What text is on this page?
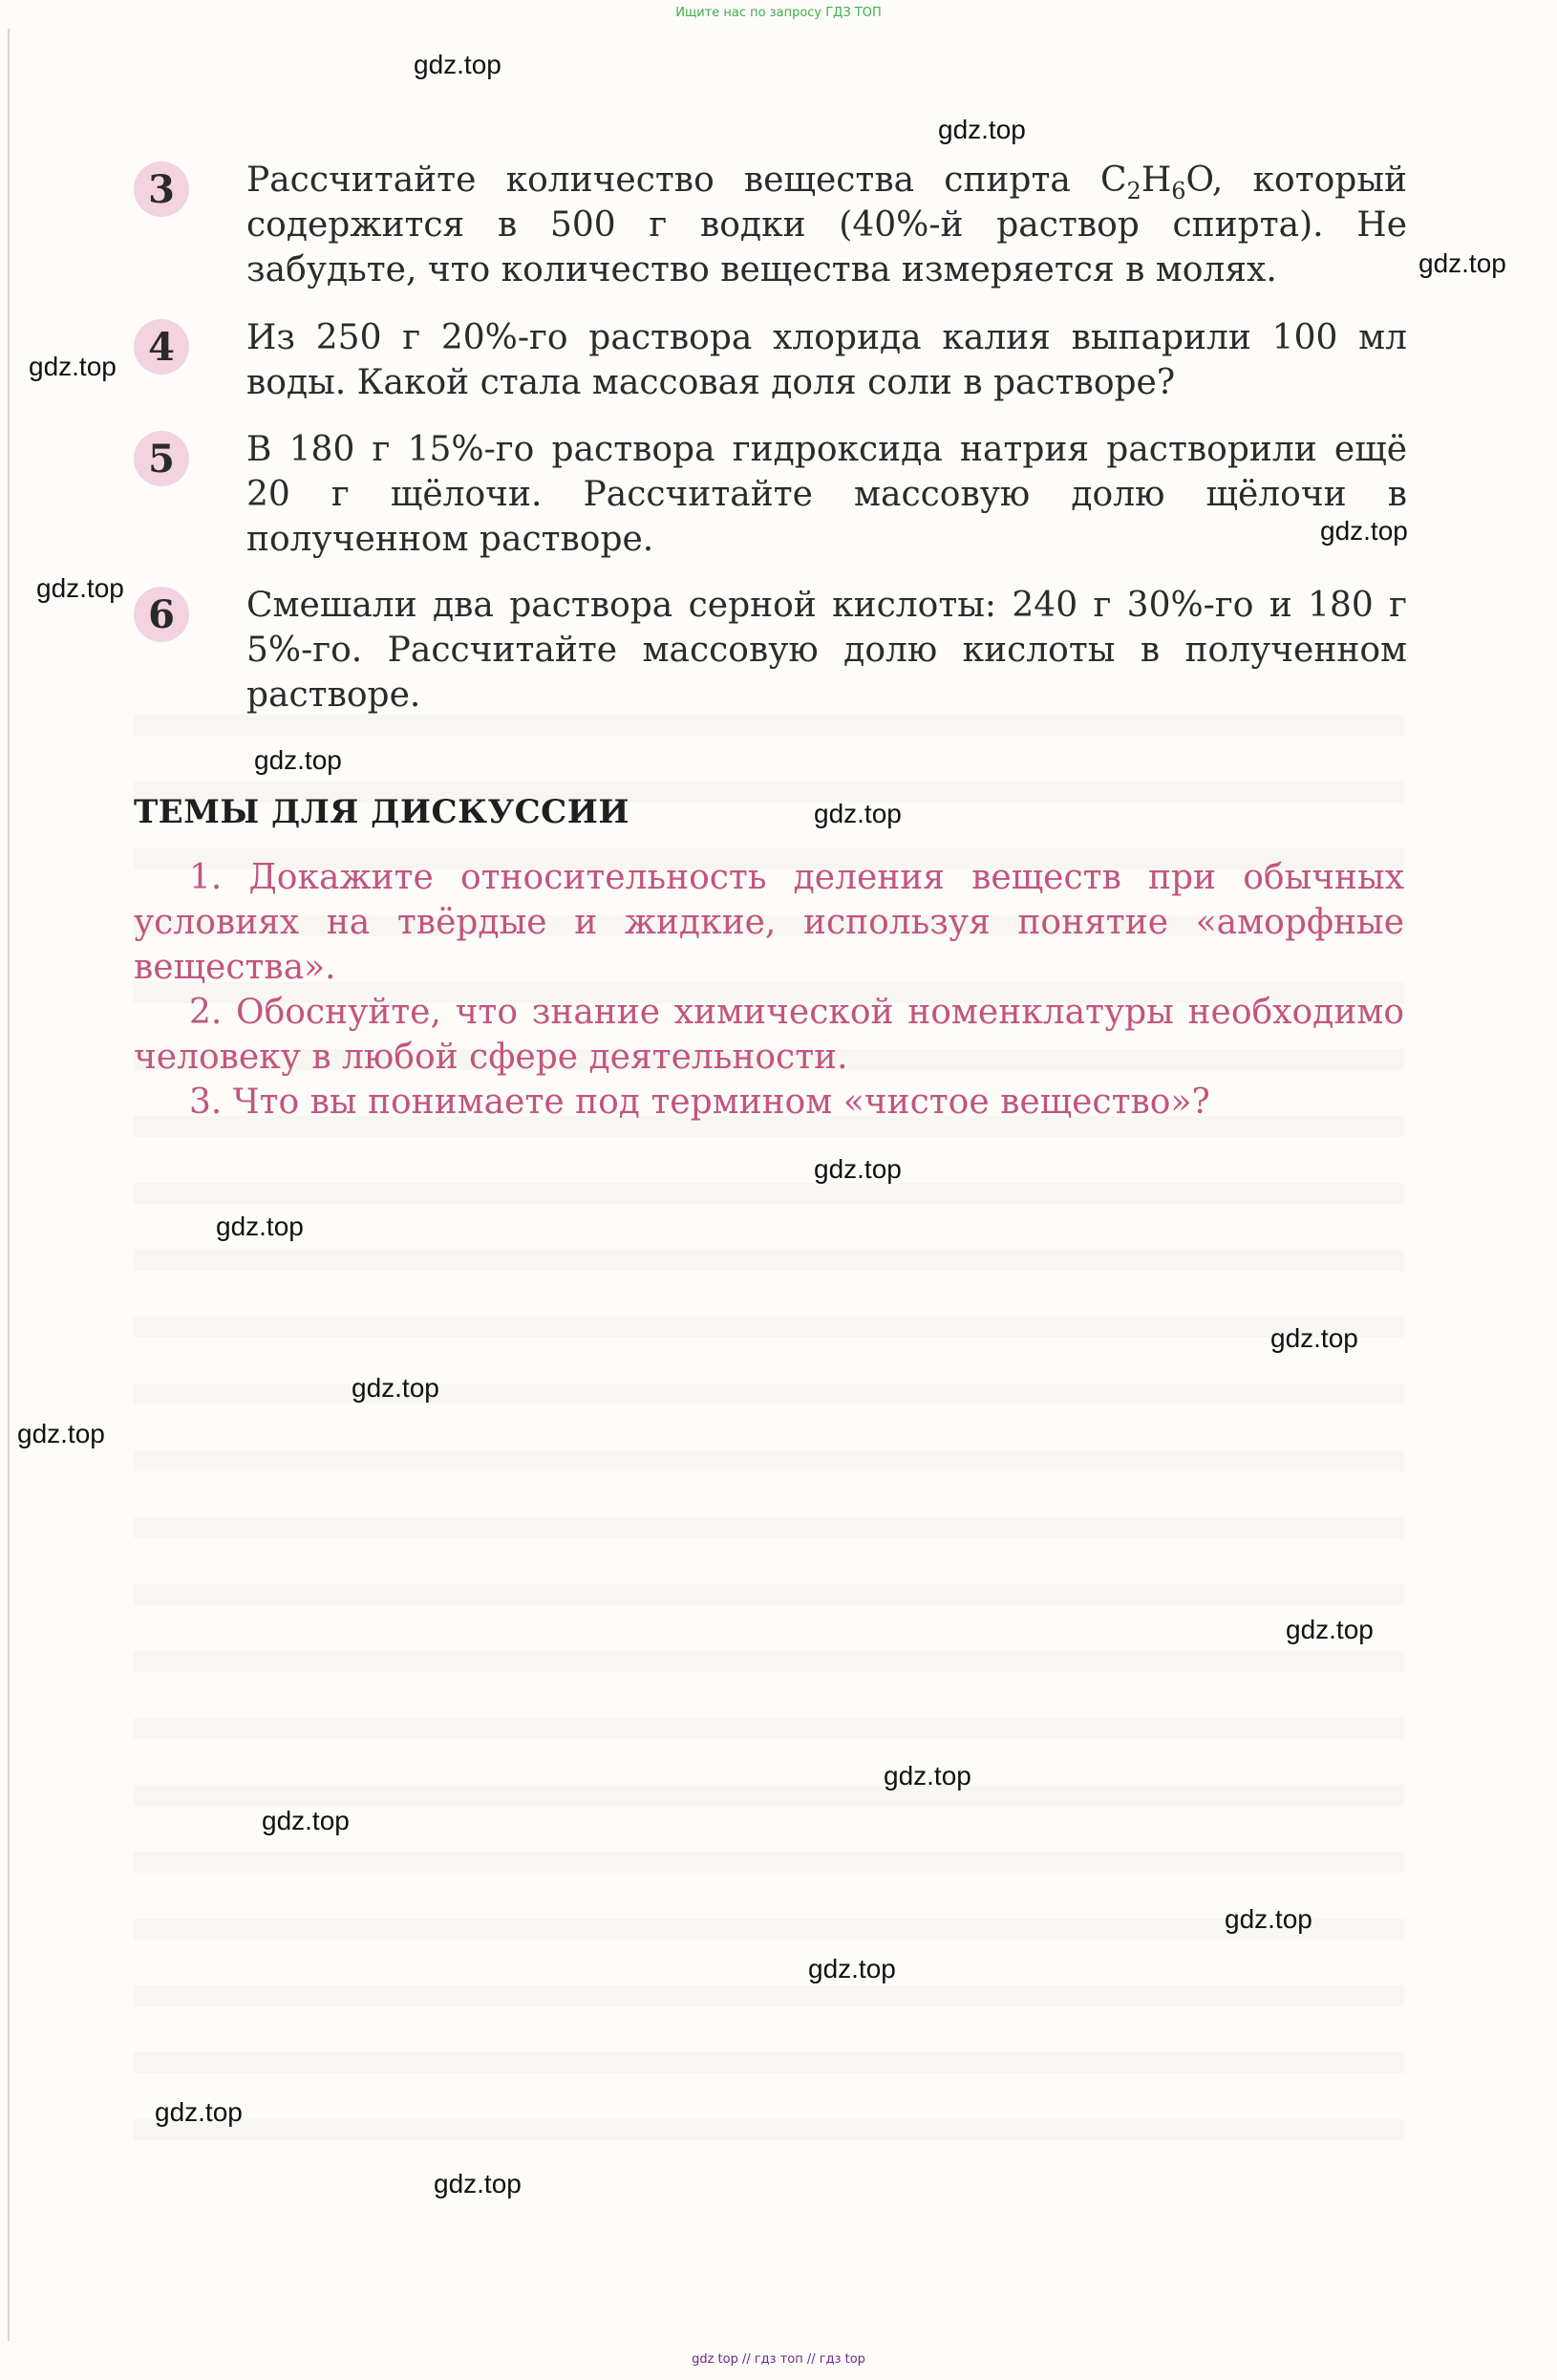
Ищите нас по запросу ГДЗ ТОП
3	Рассчитайте количество вещества спирта $C_2H_6O$, который содержится в 500 г водки (40%-й раствор спирта). Не забудьте, что количество вещества измеряется в молях.
4	Из 250 г 20%-го раствора хлорида калия выпарили 100 мл воды. Какой стала массовая доля соли в растворе?
5	В 180 г 15%-го раствора гидроксида натрия растворили ещё 20 г щёлочи. Рассчитайте массовую долю щёлочи в полученном растворе.
6	Смешали два раствора серной кислоты: 240 г 30%-го и 180 г 5%-го. Рассчитайте массовую долю кислоты в полученном растворе.
ТЕМЫ ДЛЯ ДИСКУССИИ

1. Докажите относительность деления веществ при обычных условиях на твёрдые и жидкие, используя понятие «аморфные вещества».

2. Обоснуйте, что знание химической номенклатуры необходимо человеку в любой сфере деятельности.

3. Что вы понимаете под термином «чистое вещество»?

gdz.top
gdz.top
gdz.top
gdz.top
gdz.top
gdz.top
gdz.top
gdz.top
gdz.top
gdz.top
gdz.top
gdz.top
gdz.top
gdz.top
gdz.top
gdz.top
gdz.top
gdz.top
gdz.top
gdz.top
gdz top // гдз топ // гдз top
